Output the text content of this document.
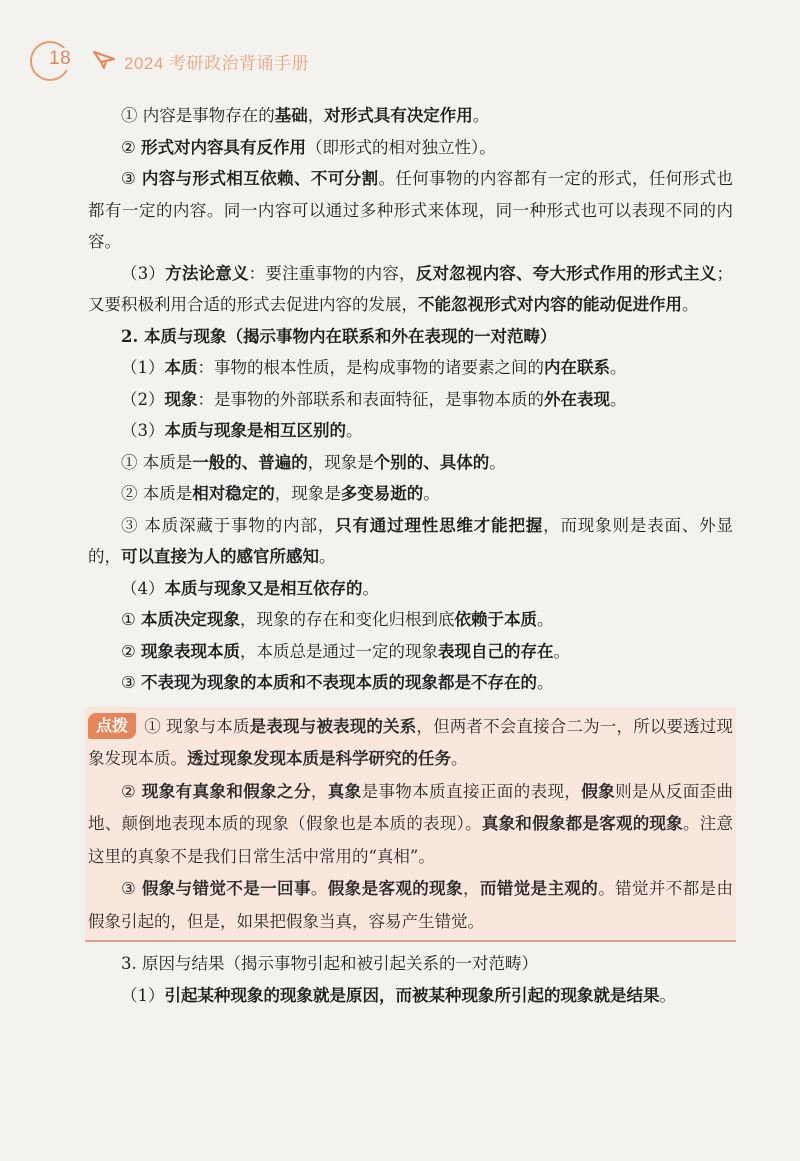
18	2024 考研政治背诵手册

① 内容是事物存在的基础，对形式具有决定作用。

② 形式对内容具有反作用（即形式的相对独立性）。

③ 内容与形式相互依赖、不可分割。任何事物的内容都有一定的形式，任何形式也都有一定的内容。同一内容可以通过多种形式来体现，同一种形式也可以表现不同的内容。

（3）方法论意义：要注重事物的内容，反对忽视内容、夸大形式作用的形式主义；又要积极利用合适的形式去促进内容的发展，不能忽视形式对内容的能动促进作用。

2. 本质与现象（揭示事物内在联系和外在表现的一对范畴）

（1）本质：事物的根本性质，是构成事物的诸要素之间的内在联系。

（2）现象：是事物的外部联系和表面特征，是事物本质的外在表现。

（3）本质与现象是相互区别的。

① 本质是一般的、普遍的，现象是个别的、具体的。

② 本质是相对稳定的，现象是多变易逝的。

③ 本质深藏于事物的内部，只有通过理性思维才能把握，而现象则是表面、外显的，可以直接为人的感官所感知。

（4）本质与现象又是相互依存的。

① 本质决定现象，现象的存在和变化归根到底依赖于本质。

② 现象表现本质，本质总是通过一定的现象表现自己的存在。

③ 不表现为现象的本质和不表现本质的现象都是不存在的。

点拨 ① 现象与本质是表现与被表现的关系，但两者不会直接合二为一，所以要透过现象发现本质。透过现象发现本质是科学研究的任务。

② 现象有真象和假象之分，真象是事物本质直接正面的表现，假象则是从反面歪曲地、颠倒地表现本质的现象（假象也是本质的表现）。真象和假象都是客观的现象。注意这里的真象不是我们日常生活中常用的“真相”。

③ 假象与错觉不是一回事。假象是客观的现象，而错觉是主观的。错觉并不都是由假象引起的，但是，如果把假象当真，容易产生错觉。

3. 原因与结果（揭示事物引起和被引起关系的一对范畴）

（1）引起某种现象的现象就是原因，而被某种现象所引起的现象就是结果。
